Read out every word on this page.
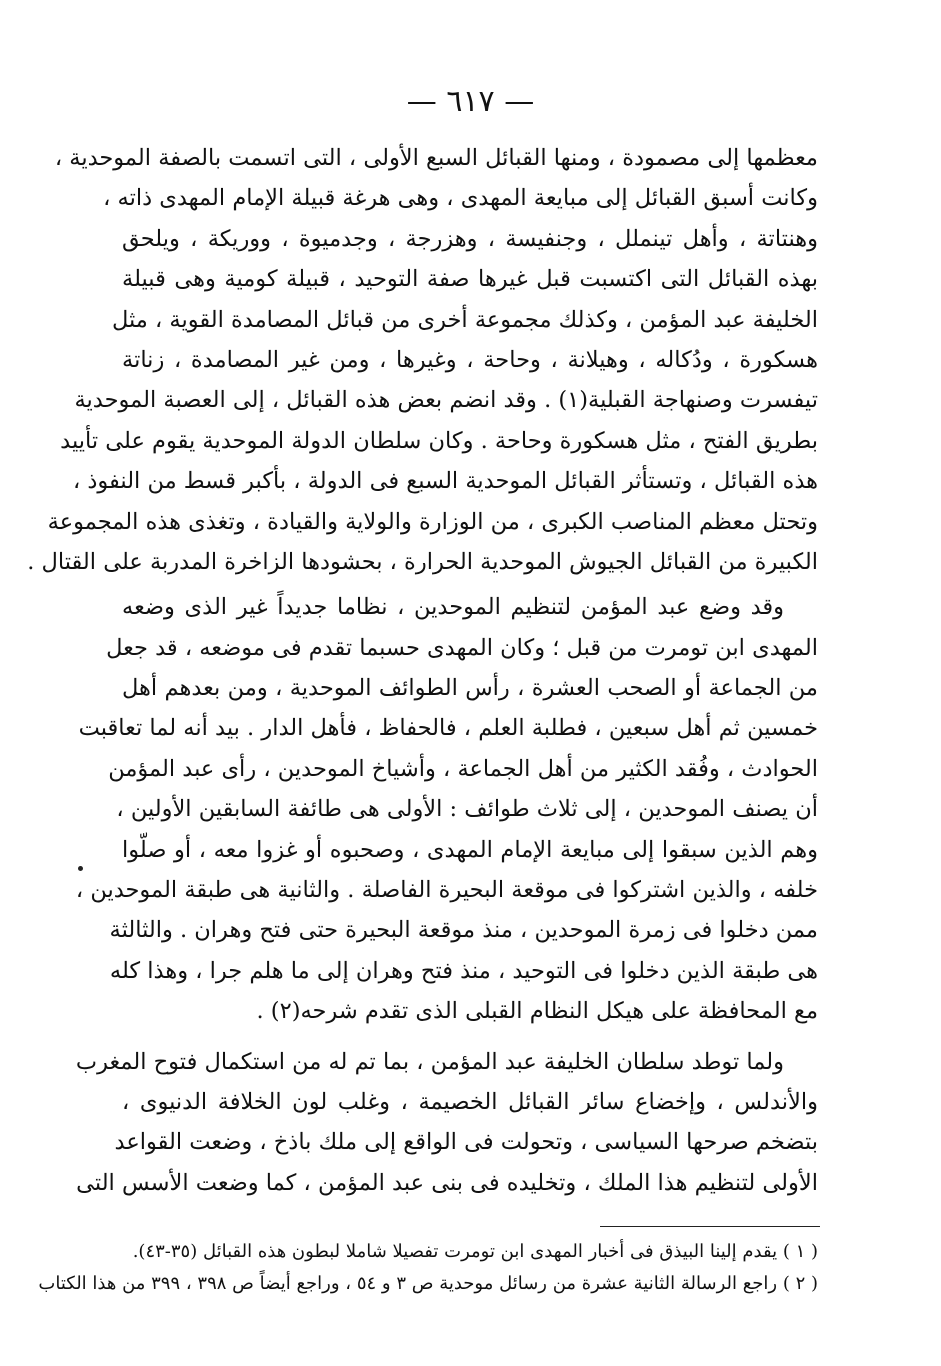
— ٦١٧ —
معظمها إلى مصمودة ، ومنها القبائل السبع الأولى ، التى اتسمت بالصفة الموحدية ،
وكانت أسبق القبائل إلى مبايعة المهدى ، وهى هرغة قبيلة الإمام المهدى ذاته ،
وهنتاتة ، وأهل تينملل ، وجنفيسة ، وهزرجة ، وجدميوة ، ووريكة ، ويلحق
بهذه القبائل التى اكتسبت قبل غيرها صفة التوحيد ، قبيلة كومية وهى قبيلة
الخليفة عبد المؤمن ، وكذلك مجموعة أخرى من قبائل المصامدة القوية ، مثل
هسكورة ، ودُكاله ، وهيلانة ، وحاحة ، وغيرها ، ومن غير المصامدة ، زناتة
تيفسرت وصنهاجة القبلية(١) . وقد انضم بعض هذه القبائل ، إلى العصبة الموحدية
بطريق الفتح ، مثل هسكورة وحاحة . وكان سلطان الدولة الموحدية يقوم على تأييد
هذه القبائل ، وتستأثر القبائل الموحدية السبع فى الدولة ، بأكبر قسط من النفوذ ،
وتحتل معظم المناصب الكبرى ، من الوزارة والولاية والقيادة ، وتغذى هذه المجموعة
الكبيرة من القبائل الجيوش الموحدية الحرارة ، بحشودها الزاخرة المدربة على القتال .
وقد وضع عبد المؤمن لتنظيم الموحدين ، نظاما جديداً غير الذى وضعه
المهدى ابن تومرت من قبل ؛ وكان المهدى حسبما تقدم فى موضعه ، قد جعل
من الجماعة أو الصحب العشرة ، رأس الطوائف الموحدية ، ومن بعدهم أهل
خمسين ثم أهل سبعين ، فطلبة العلم ، فالحفاظ ، فأهل الدار . بيد أنه لما تعاقبت
الحوادث ، وفُقد الكثير من أهل الجماعة ، وأشياخ الموحدين ، رأى عبد المؤمن
أن يصنف الموحدين ، إلى ثلاث طوائف : الأولى هى طائفة السابقين الأولين ،
وهم الذين سبقوا إلى مبايعة الإمام المهدى ، وصحبوه أو غزوا معه ، أو صلّوا
خلفه ، والذين اشتركوا فى موقعة البحيرة الفاصلة . والثانية هى طبقة الموحدين ،
ممن دخلوا فى زمرة الموحدين ، منذ موقعة البحيرة حتى فتح وهران . والثالثة
هى طبقة الذين دخلوا فى التوحيد ، منذ فتح وهران إلى ما هلم جرا ، وهذا كله
مع المحافظة على هيكل النظام القبلى الذى تقدم شرحه(٢) .
ولما توطد سلطان الخليفة عبد المؤمن ، بما تم له من استكمال فتوح المغرب
والأندلس ، وإخضاع سائر القبائل الخصيمة ، وغلب لون الخلافة الدنيوى ،
بتضخم صرحها السياسى ، وتحولت فى الواقع إلى ملك باذخ ، وضعت القواعد
الأولى لتنظيم هذا الملك ، وتخليده فى بنى عبد المؤمن ، كما وضعت الأسس التى
( ١ ) يقدم إلينا البيذق فى أخبار المهدى ابن تومرت تفصيلا شاملا لبطون هذه القبائل (٣٥-٤٣).
( ٢ ) راجع الرسالة الثانية عشرة من رسائل موحدية ص ٣ و ٥٤ ، وراجع أيضاً ص ٣٩٨ ، ٣٩٩ من هذا الكتاب
